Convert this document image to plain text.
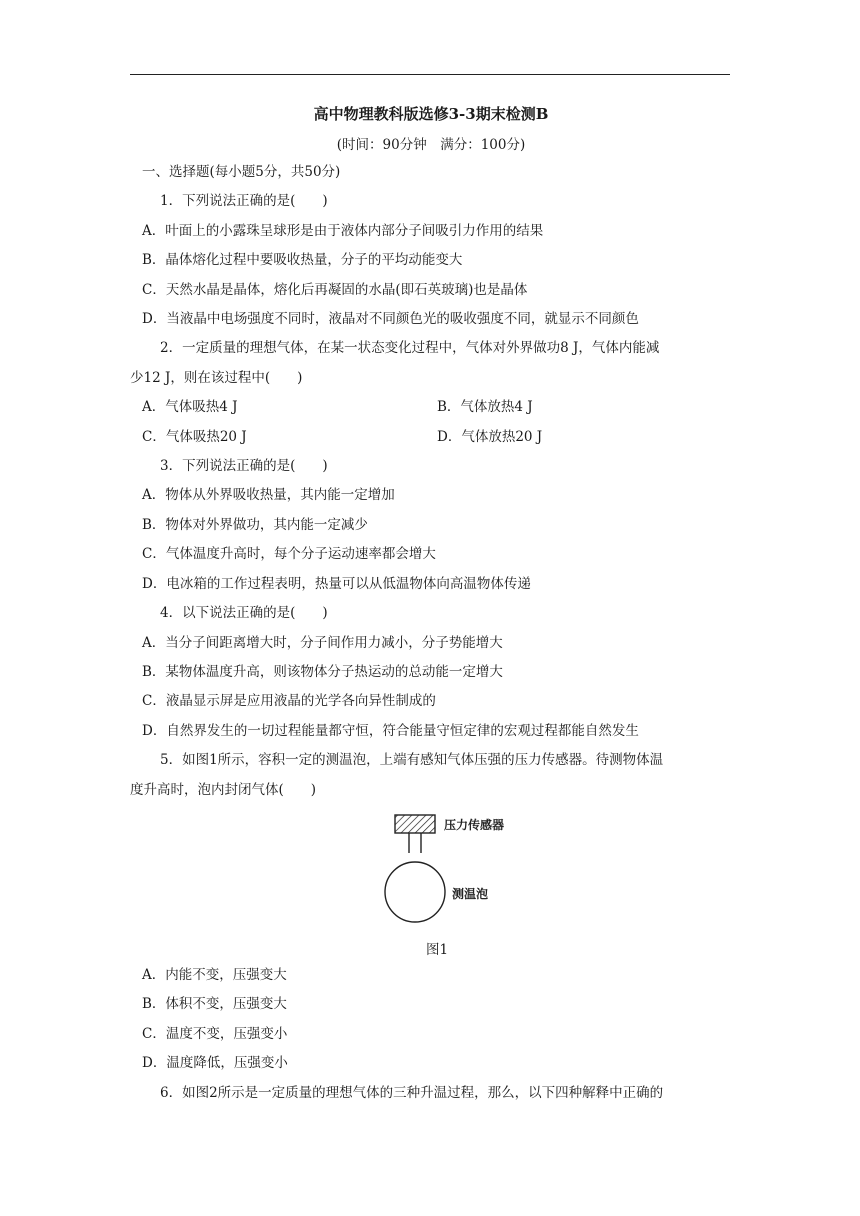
高中物理教科版选修3-3期末检测B
(时间：90分钟　满分：100分)
一、选择题(每小题5分，共50分)
1．下列说法正确的是(　　)
A．叶面上的小露珠呈球形是由于液体内部分子间吸引力作用的结果
B．晶体熔化过程中要吸收热量，分子的平均动能变大
C．天然水晶是晶体，熔化后再凝固的水晶(即石英玻璃)也是晶体
D．当液晶中电场强度不同时，液晶对不同颜色光的吸收强度不同，就显示不同颜色
2．一定质量的理想气体，在某一状态变化过程中，气体对外界做功8 J，气体内能减
少12 J，则在该过程中(　　)
A．气体吸热4 J	B．气体放热4 J
C．气体吸热20 J	D．气体放热20 J
3．下列说法正确的是(　　)
A．物体从外界吸收热量，其内能一定增加
B．物体对外界做功，其内能一定减少
C．气体温度升高时，每个分子运动速率都会增大
D．电冰箱的工作过程表明，热量可以从低温物体向高温物体传递
4．以下说法正确的是(　　)
A．当分子间距离增大时，分子间作用力减小，分子势能增大
B．某物体温度升高，则该物体分子热运动的总动能一定增大
C．液晶显示屏是应用液晶的光学各向异性制成的
D．自然界发生的一切过程能量都守恒，符合能量守恒定律的宏观过程都能自然发生
5．如图1所示，容积一定的测温泡，上端有感知气体压强的压力传感器。待测物体温
度升高时，泡内封闭气体(　　)
压力传感器
测温泡
图1
A．内能不变，压强变大
B．体积不变，压强变大
C．温度不变，压强变小
D．温度降低，压强变小
6．如图2所示是一定质量的理想气体的三种升温过程，那么，以下四种解释中正确的
